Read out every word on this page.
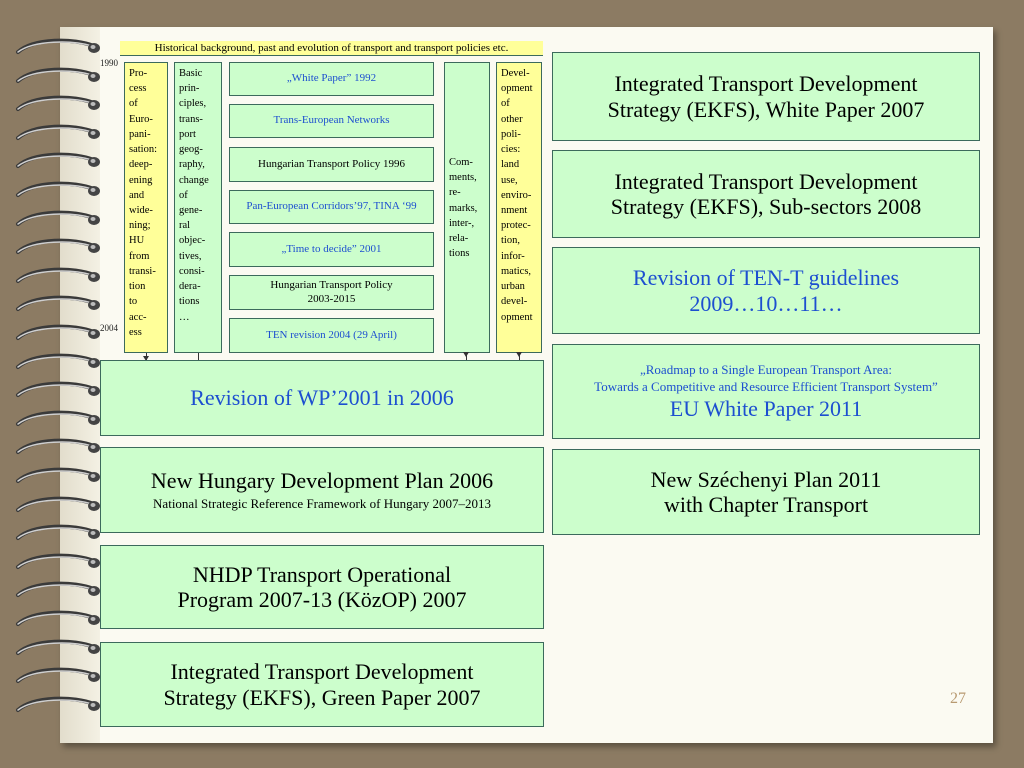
Historical background, past and evolution of transport and transport policies etc.
1990
2004
Pro-
cess
of
Euro-
pani-
sation:
deep-
ening
and
wide-
ning;
HU
from
transi-
tion
to
acc-
ess
Basic
prin-
ciples,
trans-
port
geog-
raphy,
change
of
gene-
ral
objec-
tives,
consi-
dera-
tions
…
Com-
ments,
re-
marks,
inter-,
rela-
tions
Devel-
opment
of
other
poli-
cies:
land
use,
enviro-
nment
protec-
tion,
infor-
matics,
urban
devel-
opment
„White Paper” 1992
Trans-European Networks
Hungarian Transport Policy 1996
Pan-European Corridors’97, TINA ‘99
„Time to decide” 2001
Hungarian Transport Policy
2003-2015
TEN revision 2004 (29 April)
Revision of WP’2001 in 2006
New Hungary Development Plan 2006
National Strategic Reference Framework of Hungary 2007–2013
NHDP Transport Operational
Program 2007-13 (KözOP) 2007
Integrated Transport Development
Strategy (EKFS), Green Paper 2007
Integrated Transport Development
Strategy (EKFS), White Paper 2007
Integrated Transport Development
Strategy (EKFS), Sub-sectors 2008
Revision of TEN-T guidelines
2009…10…11…
„Roadmap to a Single European Transport Area:
Towards a Competitive and Resource Efficient Transport System”
EU White Paper 2011
New Széchenyi Plan 2011
with Chapter Transport
27
